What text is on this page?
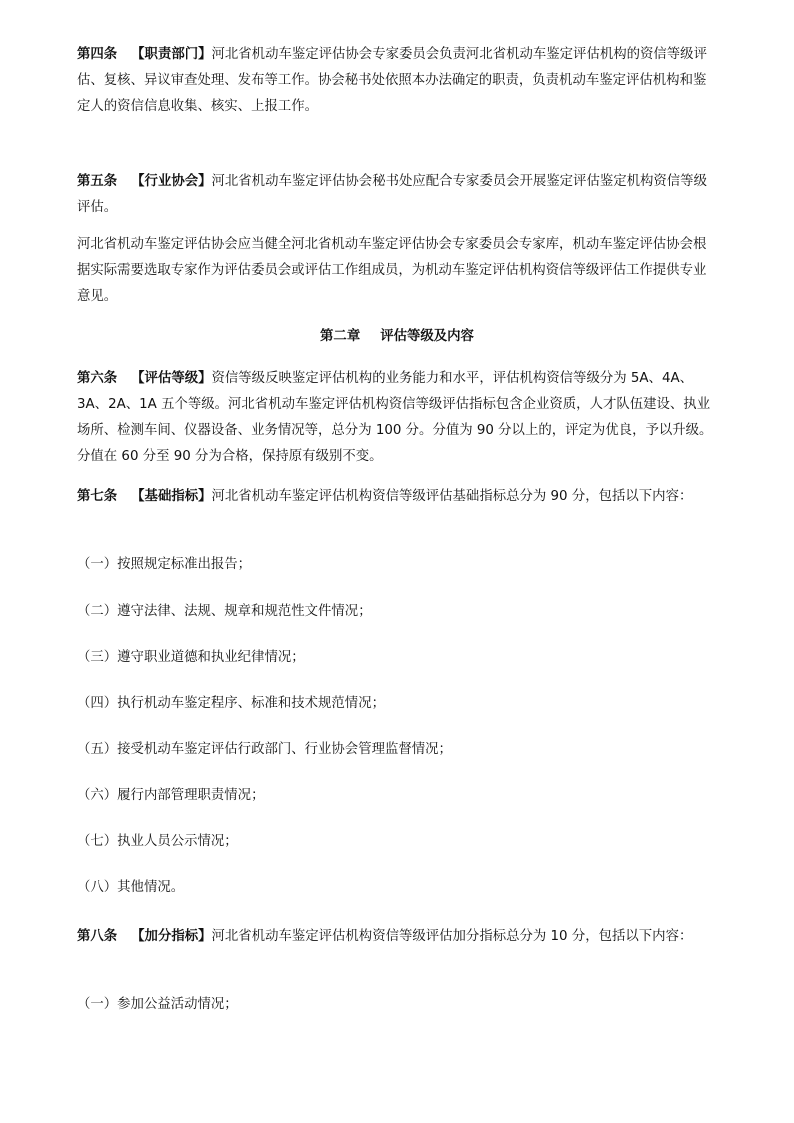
第四条 【职责部门】河北省机动车鉴定评估协会专家委员会负责河北省机动车鉴定评估机构的资信等级评估、复核、异议审查处理、发布等工作。协会秘书处依照本办法确定的职责，负责机动车鉴定评估机构和鉴定人的资信信息收集、核实、上报工作。

第五条 【行业协会】河北省机动车鉴定评估协会秘书处应配合专家委员会开展鉴定评估鉴定机构资信等级评估。

河北省机动车鉴定评估协会应当健全河北省机动车鉴定评估协会专家委员会专家库，机动车鉴定评估协会根据实际需要选取专家作为评估委员会或评估工作组成员，为机动车鉴定评估机构资信等级评估工作提供专业意见。

第二章 评估等级及内容

第六条 【评估等级】资信等级反映鉴定评估机构的业务能力和水平，评估机构资信等级分为 5A、4A、3A、2A、1A 五个等级。河北省机动车鉴定评估机构资信等级评估指标包含企业资质，人才队伍建设、执业场所、检测车间、仪器设备、业务情况等，总分为 100 分。分值为 90 分以上的，评定为优良，予以升级。分值在 60 分至 90 分为合格，保持原有级别不变。

第七条 【基础指标】河北省机动车鉴定评估机构资信等级评估基础指标总分为 90 分，包括以下内容：

（一）按照规定标准出报告；

（二）遵守法律、法规、规章和规范性文件情况；

（三）遵守职业道德和执业纪律情况；

（四）执行机动车鉴定程序、标准和技术规范情况；

（五）接受机动车鉴定评估行政部门、行业协会管理监督情况；

（六）履行内部管理职责情况；

（七）执业人员公示情况；

（八）其他情况。

第八条 【加分指标】河北省机动车鉴定评估机构资信等级评估加分指标总分为 10 分，包括以下内容：

（一）参加公益活动情况；
